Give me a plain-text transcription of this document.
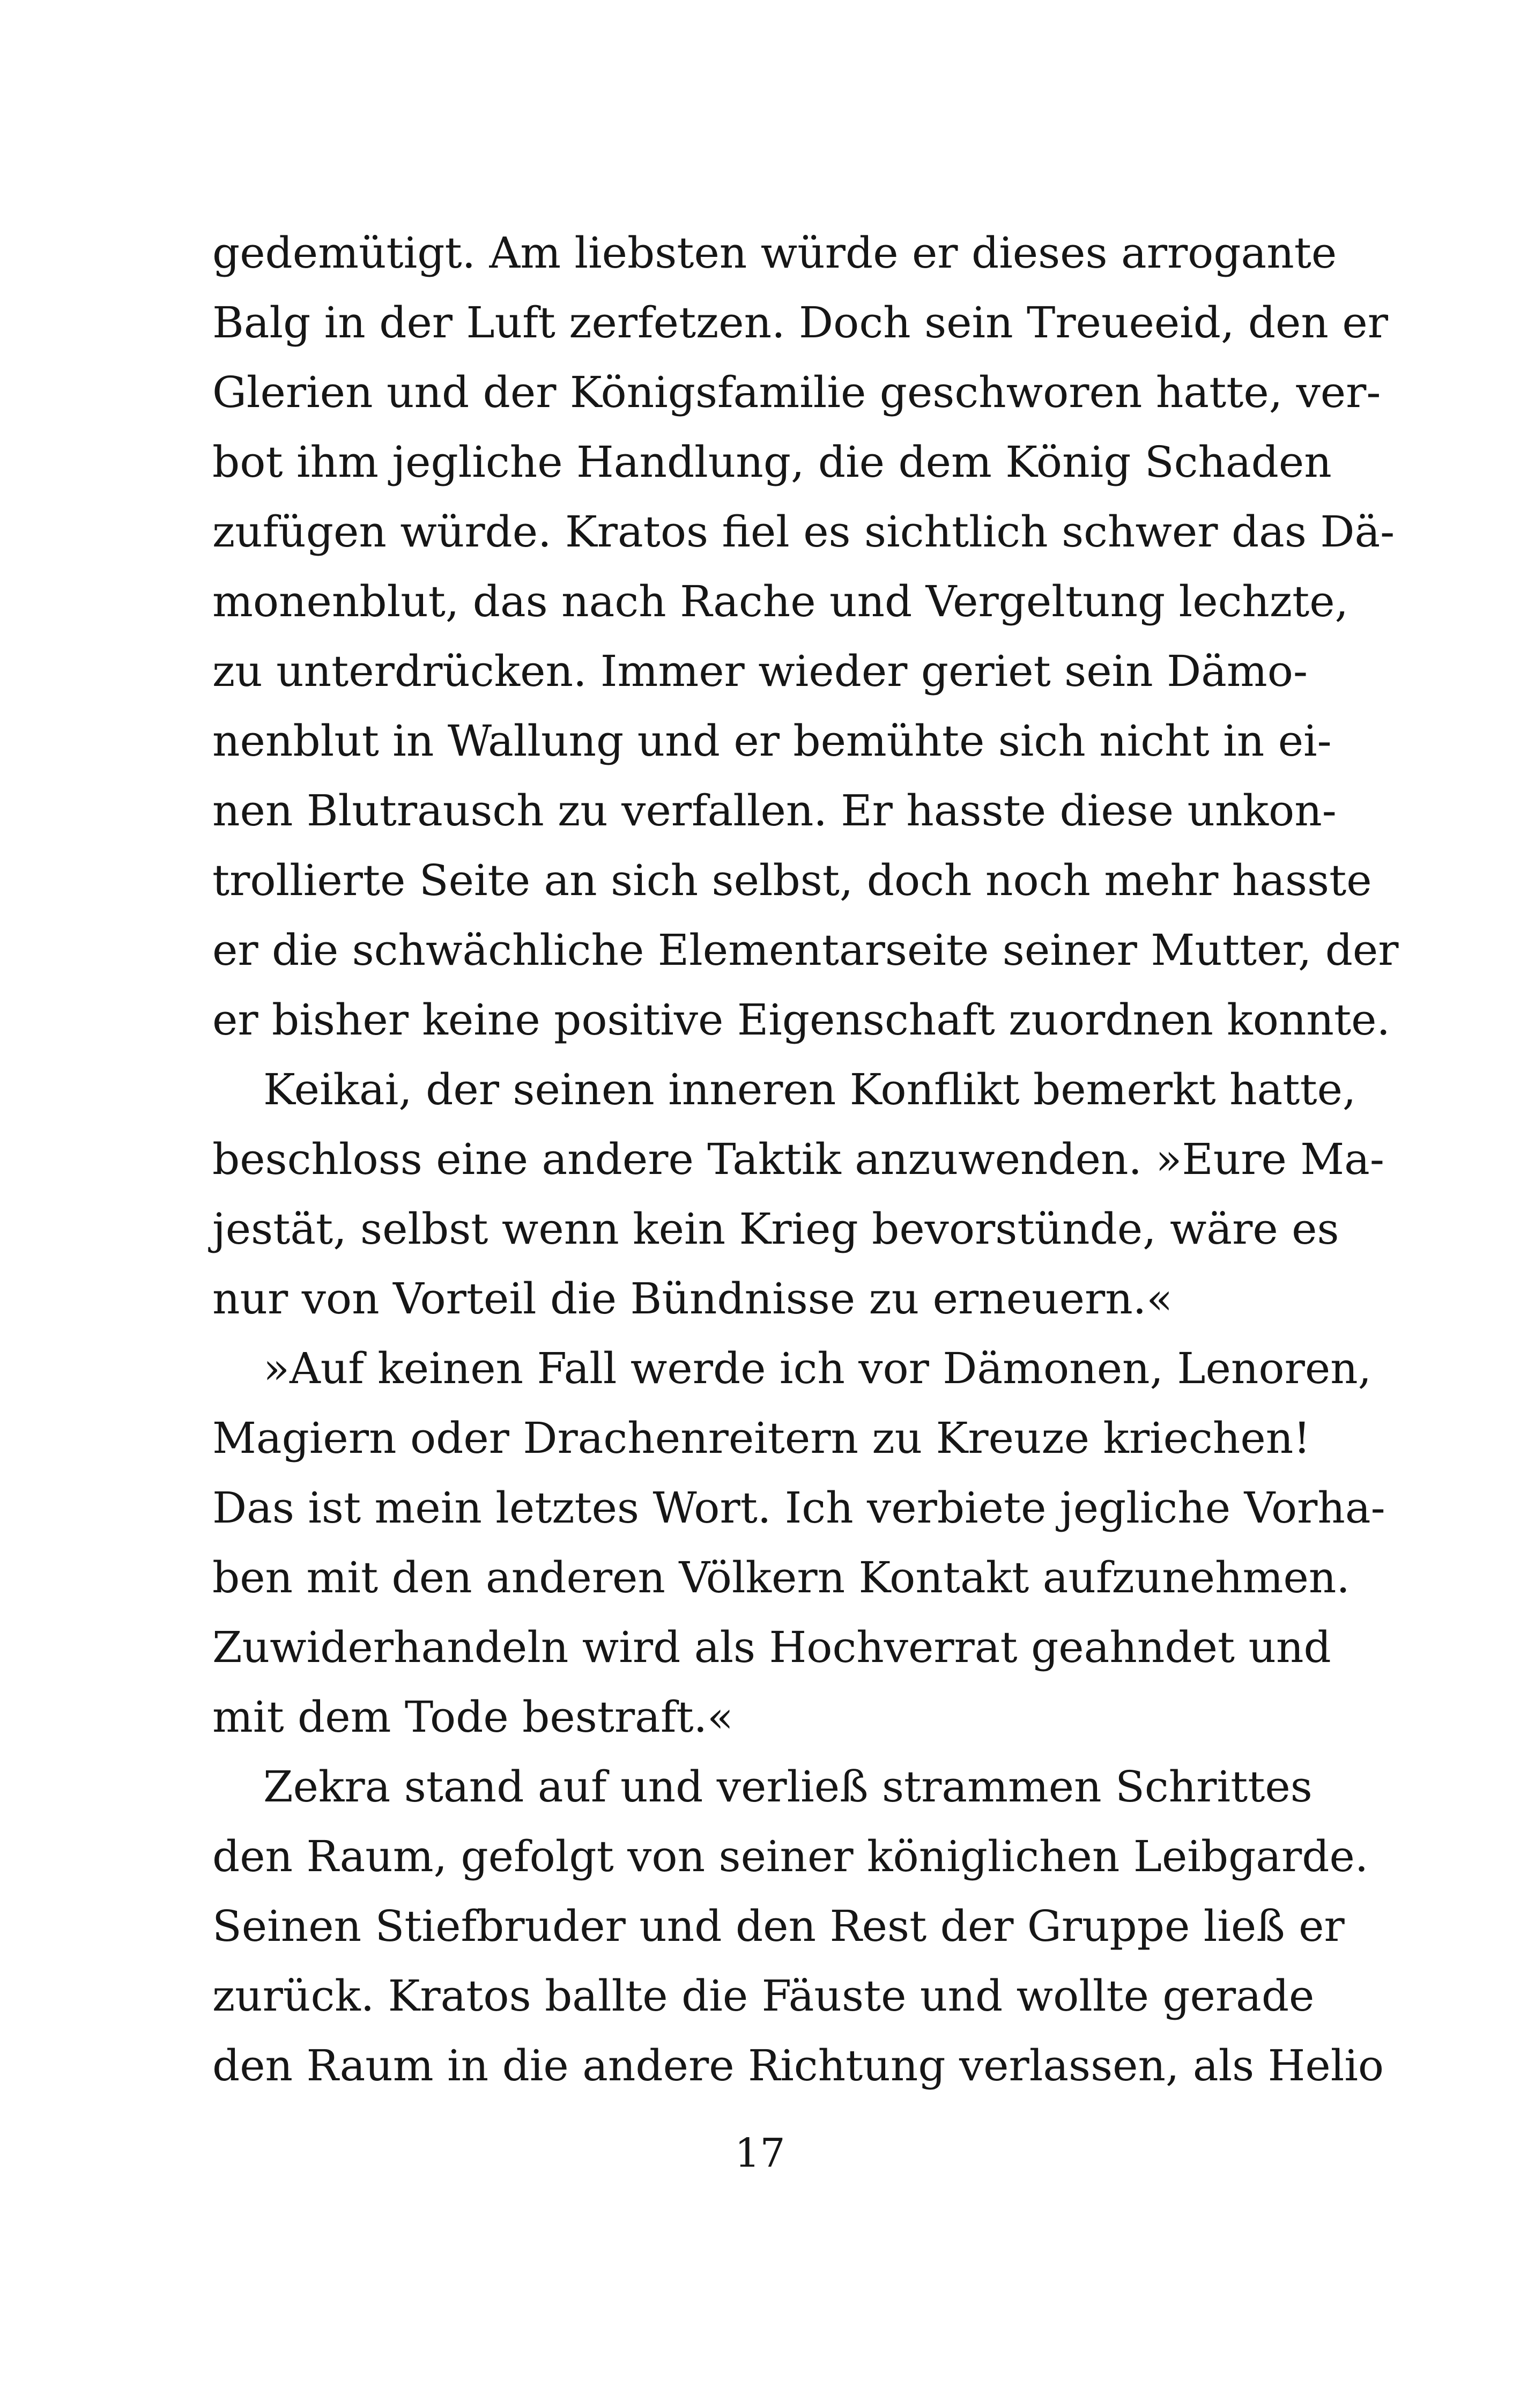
gedemütigt. Am liebsten würde er dieses arrogante
Balg in der Luft zerfetzen. Doch sein Treueeid, den er
Glerien und der Königsfamilie geschworen hatte, ver-
bot ihm jegliche Handlung, die dem König Schaden
zufügen würde. Kratos fiel es sichtlich schwer das Dä-
monenblut, das nach Rache und Vergeltung lechzte,
zu unterdrücken. Immer wieder geriet sein Dämo-
nenblut in Wallung und er bemühte sich nicht in ei-
nen Blutrausch zu verfallen. Er hasste diese unkon-
trollierte Seite an sich selbst, doch noch mehr hasste
er die schwächliche Elementarseite seiner Mutter, der
er bisher keine positive Eigenschaft zuordnen konnte.
Keikai, der seinen inneren Konflikt bemerkt hatte,
beschloss eine andere Taktik anzuwenden. »Eure Ma-
jestät, selbst wenn kein Krieg bevorstünde, wäre es
nur von Vorteil die Bündnisse zu erneuern.«
»Auf keinen Fall werde ich vor Dämonen, Lenoren,
Magiern oder Drachenreitern zu Kreuze kriechen!
Das ist mein letztes Wort. Ich verbiete jegliche Vorha-
ben mit den anderen Völkern Kontakt aufzunehmen.
Zuwiderhandeln wird als Hochverrat geahndet und
mit dem Tode bestraft.«
Zekra stand auf und verließ strammen Schrittes
den Raum, gefolgt von seiner königlichen Leibgarde.
Seinen Stiefbruder und den Rest der Gruppe ließ er
zurück. Kratos ballte die Fäuste und wollte gerade
den Raum in die andere Richtung verlassen, als Helio
17
